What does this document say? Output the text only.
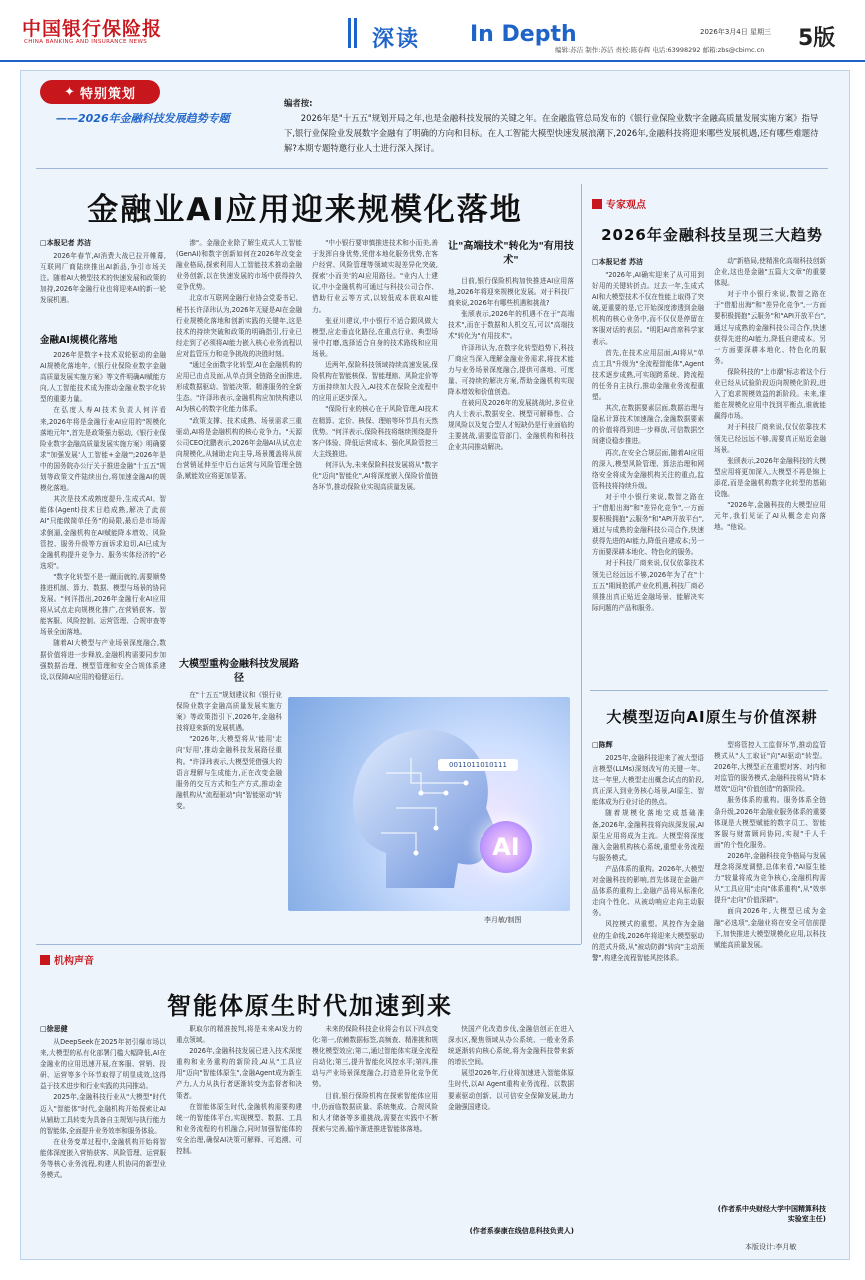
中国银行保险报
CHINA BANKING AND INSURANCE NEWS	深读 In Depth	2026年3月4日 星期三 5版
编辑:苏洁 制作:苏洁 责校:陈春辉 电话:63998292 邮箱:zbs@cbimc.cn
✦ 特别策划
——2026年金融科技发展趋势专题
编者按:
2026年是"十五五"规划开局之年,也是金融科技发展的关键之年。在金融监管总局发布的《银行业保险业数字金融高质量发展实施方案》指导下,银行业保险业发展数字金融有了明确的方向和目标。在人工智能大模型快速发展浪潮下,2026年,金融科技将迎来哪些发展机遇,还有哪些难题待解?本期专题特邀行业人士进行深入探讨。
金融业AI应用迎来规模化落地
□本报记者 苏洁

2026年春节,AI消费大战已拉开帷幕,互联网厂商陆续推出AI新品,争引市场关注。随着AI大模型技术的快速发展和政策的加持,2026年金融行业也将迎来AI的新一轮发展机遇。

金融AI规模化落地

2026年是数字+技术双轮驱动的金融AI规模化落地年,《银行业保险业数字金融高质量发展实施方案》等文件明确AI赋能方向,人工智能技术成为推动金融业数字化转型的重要力量。

在弘度人寿AI技术负责人何洋看来,2026年将是金融行业AI应用的"规模化落地元年",首先是政策强力驱动,《银行业保险业数字金融高质量发展实施方案》明确要求"加强发展'人工智能+金融'";2026年是中的国务院办公厅关于推进金融"十五五"规划等政策文件陆续出台,将加速金融AI的规模化落地。

其次是技术成熟度提升,生成式AI、智能体(Agent)技术日趋成熟,解决了此前AI"只能做简单任务"的局限,最后是市场需求倒逼,金融机构在AI赋能降本增效、风险管控、服务升级等方面诉求迫切,AI已成为金融机构提升竞争力、服务实体经济的"必选项"。

"数字化转型不是一蹴而就的,需要顺势推进机制、算力、数据、模型与场景的协同发展。"何洋指出,2026年金融行业AI应用将从试点走向规模化推广,在营销获客、智能客服、风险控制、运营管理、合规审查等场景全面落地。

随着AI大模型与产业场景深度融合,数据价值将进一步释放,金融机构需要同步加强数据治理、模型管理和安全合规体系建设,以保障AI应用的稳健运行。

渗"。金融企业除了解生成式人工智能(GenAI)和数字创新如何在2026年改变金融业格局,探索利用人工智能技术推动金融业务创新,以在快速发展的市场中获得持久竞争优势。

北京市互联网金融行业协会党委书记、秘书长许泽玮认为,2026年无疑是AI在金融行业规模化落地和创新实践的关键年,这是技术的持续突破和政策的明确指引,行业已经走到了必须将AI能力嵌入核心业务流程以应对监管压力和竞争挑战的决胜时刻。

"通过全面数字化转型,AI在金融机构的应用已由点及面,从单点到全链路全面推进,形成数据驱动、智能决策、精准服务的全新生态。"许泽玮表示,金融机构应加快构建以AI为核心的数字化能力体系。

"政策支撑、技术成熟、场景需求三重驱动,AI将是金融机构的核心竞争力。"天源公司CEO沈鹏表示,2026年金融AI从试点走向规模化,从辅助走向主导,场景覆盖将从前台营销延伸至中后台运营与风险管理全链条,赋能效应将更加显著。

大模型重构金融科技发展路径

在"十五五"规划建议和《银行业保险业数字金融高质量发展实施方案》等政策指引下,2026年,金融科技将迎来新的发展机遇。

"2026年,大模型将从'能用'走向'好用',推动金融科技发展路径重构。"许泽玮表示,大模型凭借强大的语言理解与生成能力,正在改变金融服务的交互方式和生产方式,推动金融机构从"流程驱动"向"智能驱动"转变。

"中小银行要审慎推进技术和小而美,善于发挥自身优势,凭借本地化服务优势,在客户经营、风险管理等领域实现差异化突破,探索'小而美'的AI应用路径。"业内人士建议,中小金融机构可通过与科技公司合作、借助行业云等方式,以较低成本获取AI能力。

张亚川建议,中小银行不适合跟风做大模型,应走垂直化路径,在重点行业、典型场景中打磨,选择适合自身的技术路线和应用场景。

近两年,保险科技领域持续高速发展,保险机构在智能核保、智能理赔、风险定价等方面持续加大投入,AI技术在保险全流程中的应用正逐步深入。

"保险行业的核心在于风险管理,AI技术在精算、定价、核保、理赔等环节具有天然优势。"何洋表示,保险科技将继续围绕提升客户体验、降低运营成本、强化风险管控三大主线推进。

何洋认为,未来保险科技发展将从"数字化"迈向"智能化",AI将深度嵌入保险价值链各环节,推动保险业实现高质量发展。

让"高端技术"转化为"有用技术"

目前,银行保险机构加快推进AI应用落地,2026年将迎来规模化发展。对于科技厂商来说,2026年有哪些机遇和挑战?

张颀表示,2026年的机遇不在于"高端技术",而在于数据和人机交互,可以"高端技术"转化为"有用技术"。

许泽玮认为,在数字化转型趋势下,科技厂商应当深入理解金融业务需求,将技术能力与业务场景深度融合,提供可落地、可度量、可持续的解决方案,帮助金融机构实现降本增效和价值创造。

在被问及2026年的发展挑战时,多位业内人士表示,数据安全、模型可解释性、合规风险以及复合型人才短缺仍是行业面临的主要挑战,需要监管部门、金融机构和科技企业共同推动解决。

0011011010111
AI
李月敏/制图
专家观点
2026年金融科技呈现三大趋势
□本报记者 苏洁

"2026年,AI确实迎来了从可用到好用的关键转折点。过去一年,生成式AI和大模型技术不仅在性能上取得了突破,更重要的是,它开始深度渗透到金融机构的核心业务中,而不仅仅是停留在客服对话的表层。"明阳AI首席科学家表示。

首先,在技术应用层面,AI将从"单点工具"升级为"全流程智能体",Agent技术逐步成熟,可实现跨系统、跨流程的任务自主执行,推动金融业务流程重塑。

其次,在数据要素层面,数据治理与隐私计算技术加速融合,金融数据要素的价值将得到进一步释放,可信数据空间建设稳步推进。

再次,在安全合规层面,随着AI应用的深入,模型风险管理、算法治理和网络安全将成为金融机构关注的重点,监管科技将持续升级。

对于中小银行来说,数智之路在于"借船出海"和"差异化竞争",一方面要积极拥抱"云服务"和"API开放平台",通过与成熟的金融科技公司合作,快速获得先进的AI能力,降低自建成本;另一方面要深耕本地化、特色化的服务。

对于科技厂商来说,仅仅依靠技术领先已经远远不够,2026年为了在"十五五"期间抢抓产业化机遇,科技厂商必须推出真正贴近金融场景、能解决实际问题的产品和服务。

动"新格局,使精准化高端科技创新企业,这也是金融"五篇大文章"的重要体现。

对于中小银行来说,数智之路在于"借船出海"和"差异化竞争",一方面要积极拥抱"云服务"和"API开放平台",通过与成熟的金融科技公司合作,快速获得先进的AI能力,降低自建成本。另一方面要深耕本地化、特色化的服务。

保险科技的"上市潮"标志着这个行业已经从试验阶段迈向规模化阶段,进入了追求规模效益的新阶段。未来,谁能在规模化应用中找到平衡点,谁就能赢得市场。

对于科技厂商来说,仅仅依靠技术领先已经远远不够,需要真正贴近金融场景。

张颀表示,2026年金融科技的大模型应用将更加深入,大模型不再是锦上添花,而是金融机构数字化转型的基础设施。

"2026年,金融科技的大模型应用元年,我们见证了AI从概念走向落地。"他说。

大模型迈向AI原生与价值深耕
□陈辉

2025年,金融科技迎来了被大型语言模型(LLMs)深刻改写的关键一年。这一年里,大模型走出概念试点的阶段,真正深入到业务核心场景,AI原生、智能体成为行业讨论的热点。

随着规模化落地完成基础准备,2026年,金融科技将向纵深发展,AI原生应用将成为主流。大模型将深度融入金融机构核心系统,重塑业务流程与服务模式。

产品体系的重构。2026年,大模型对金融科技的影响,首先体现在金融产品体系的重构上,金融产品将从标准化走向个性化、从被动响应走向主动服务。

风控模式的重塑。风控作为金融业的生命线,2026年将迎来大模型驱动的范式升级,从"被动防御"转向"主动预警",构建全流程智能风控体系。

型将管控人工监督环节,推动监管模式从"人工取证"向"AI驱动"转型。2026年,大模型正在重塑对客、对内和对监管的服务模式,金融科技将从"降本增效"迈向"价值创造"的新阶段。

服务体系的重构。服务体系全链条升级,2026年金融业服务体系的重要体现是大模型赋能的数字员工、智能客服与财富顾问协同,实现"千人千面"的个性化服务。

2026年,金融科技竞争格局与发展理念将深度调整,总体来看,"AI原生能力"较量将成为竞争核心,金融机构需从"工具应用"走向"体系重构",从"效率提升"走向"价值深耕"。

面向2026年,大模型已成为金融"必选项",金融业将在安全可信前提下,加快推进大模型规模化应用,以科技赋能高质量发展。

(作者系中央财经大学中国精算科技实验室主任)
机构声音
智能体原生时代加速到来
□徐思健

从DeepSeek在2025年初引爆市场以来,大模型的私有化部署门槛大幅降低,AI在金融业的应用迅速开展,在客服、营销、投研、运营等多个环节取得了明显成效,这得益于技术进步和行业实践的共同推动。

2025年,金融科技行业从"大模型"时代迈入"智能体"时代,金融机构开始探索让AI从辅助工具转变为具备自主规划与执行能力的智能体,全面提升业务效率和服务体验。

在业务变革过程中,金融机构开始将智能体深度嵌入营销获客、风险管理、运营服务等核心业务流程,构建人机协同的新型业务模式。

职取尔的精准按判,将是未来AI发力的重点领域。

2026年,金融科技发展已进入技术深度重构和业务重构的新阶段,AI从"工具应用"迈向"智能体原生",金融Agent成为新生产力,人力从执行者逐渐转变为监督者和决策者。

在智能体原生时代,金融机构需要构建统一的智能体平台,实现模型、数据、工具和业务流程的有机融合,同时加强智能体的安全治理,确保AI决策可解释、可追溯、可控制。

未来的保险科技企业将会有以下四点变化:第一,依赖数据标签,高频查、精准挑和规模化模型效应;第二,通过智能体实现全流程自动化;第三,提升智能化风控水平;第四,推动与产业场景深度融合,打造差异化竞争优势。

目前,银行保险机构在探索智能体应用中,仍面临数据质量、系统集成、合规风险和人才储备等多重挑战,需要在实践中不断探索与完善,循序渐进推进智能体落地。

快国产化改造步伐,金融信创正在进入深水区,聚焦领域从办公系统、一般业务系统逐渐转向核心系统,将为金融科技带来新的增长空间。

展望2026年,行业将加速进入智能体原生时代,以AI Agent重构业务流程、以数据要素驱动创新、以可信安全保障发展,助力金融强国建设。

(作者系泰康在线信息科技负责人)
本版设计:李月敏
